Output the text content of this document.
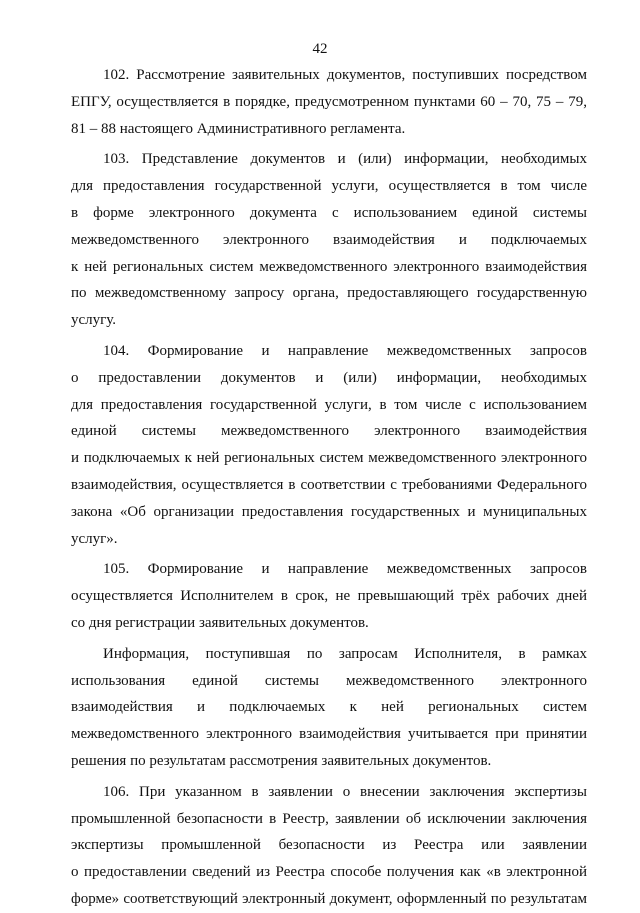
42

102. Рассмотрение заявительных документов, поступивших посредством
ЕПГУ, осуществляется в порядке, предусмотренном пунктами 60 – 70, 75 – 79,
81 – 88 настоящего Административного регламента.

103. Представление документов и (или) информации, необходимых
для предоставления государственной услуги, осуществляется в том числе
в форме электронного документа с использованием единой системы
межведомственного электронного взаимодействия и подключаемых
к ней региональных систем межведомственного электронного взаимодействия
по межведомственному запросу органа, предоставляющего государственную
услугу.

104. Формирование и направление межведомственных запросов
о предоставлении документов и (или) информации, необходимых
для предоставления государственной услуги, в том числе с использованием
единой системы межведомственного электронного взаимодействия
и подключаемых к ней региональных систем межведомственного электронного
взаимодействия, осуществляется в соответствии с требованиями Федерального
закона «Об организации предоставления государственных и муниципальных
услуг».

105. Формирование и направление межведомственных запросов
осуществляется Исполнителем в срок, не превышающий трёх рабочих дней
со дня регистрации заявительных документов.

Информация, поступившая по запросам Исполнителя, в рамках
использования единой системы межведомственного электронного
взаимодействия и подключаемых к ней региональных систем
межведомственного электронного взаимодействия учитывается при принятии
решения по результатам рассмотрения заявительных документов.

106. При указанном в заявлении о внесении заключения экспертизы
промышленной безопасности в Реестр, заявлении об исключении заключения
экспертизы промышленной безопасности из Реестра или заявлении
о предоставлении сведений из Реестра способе получения как «в электронной
форме» соответствующий электронный документ, оформленный по результатам
